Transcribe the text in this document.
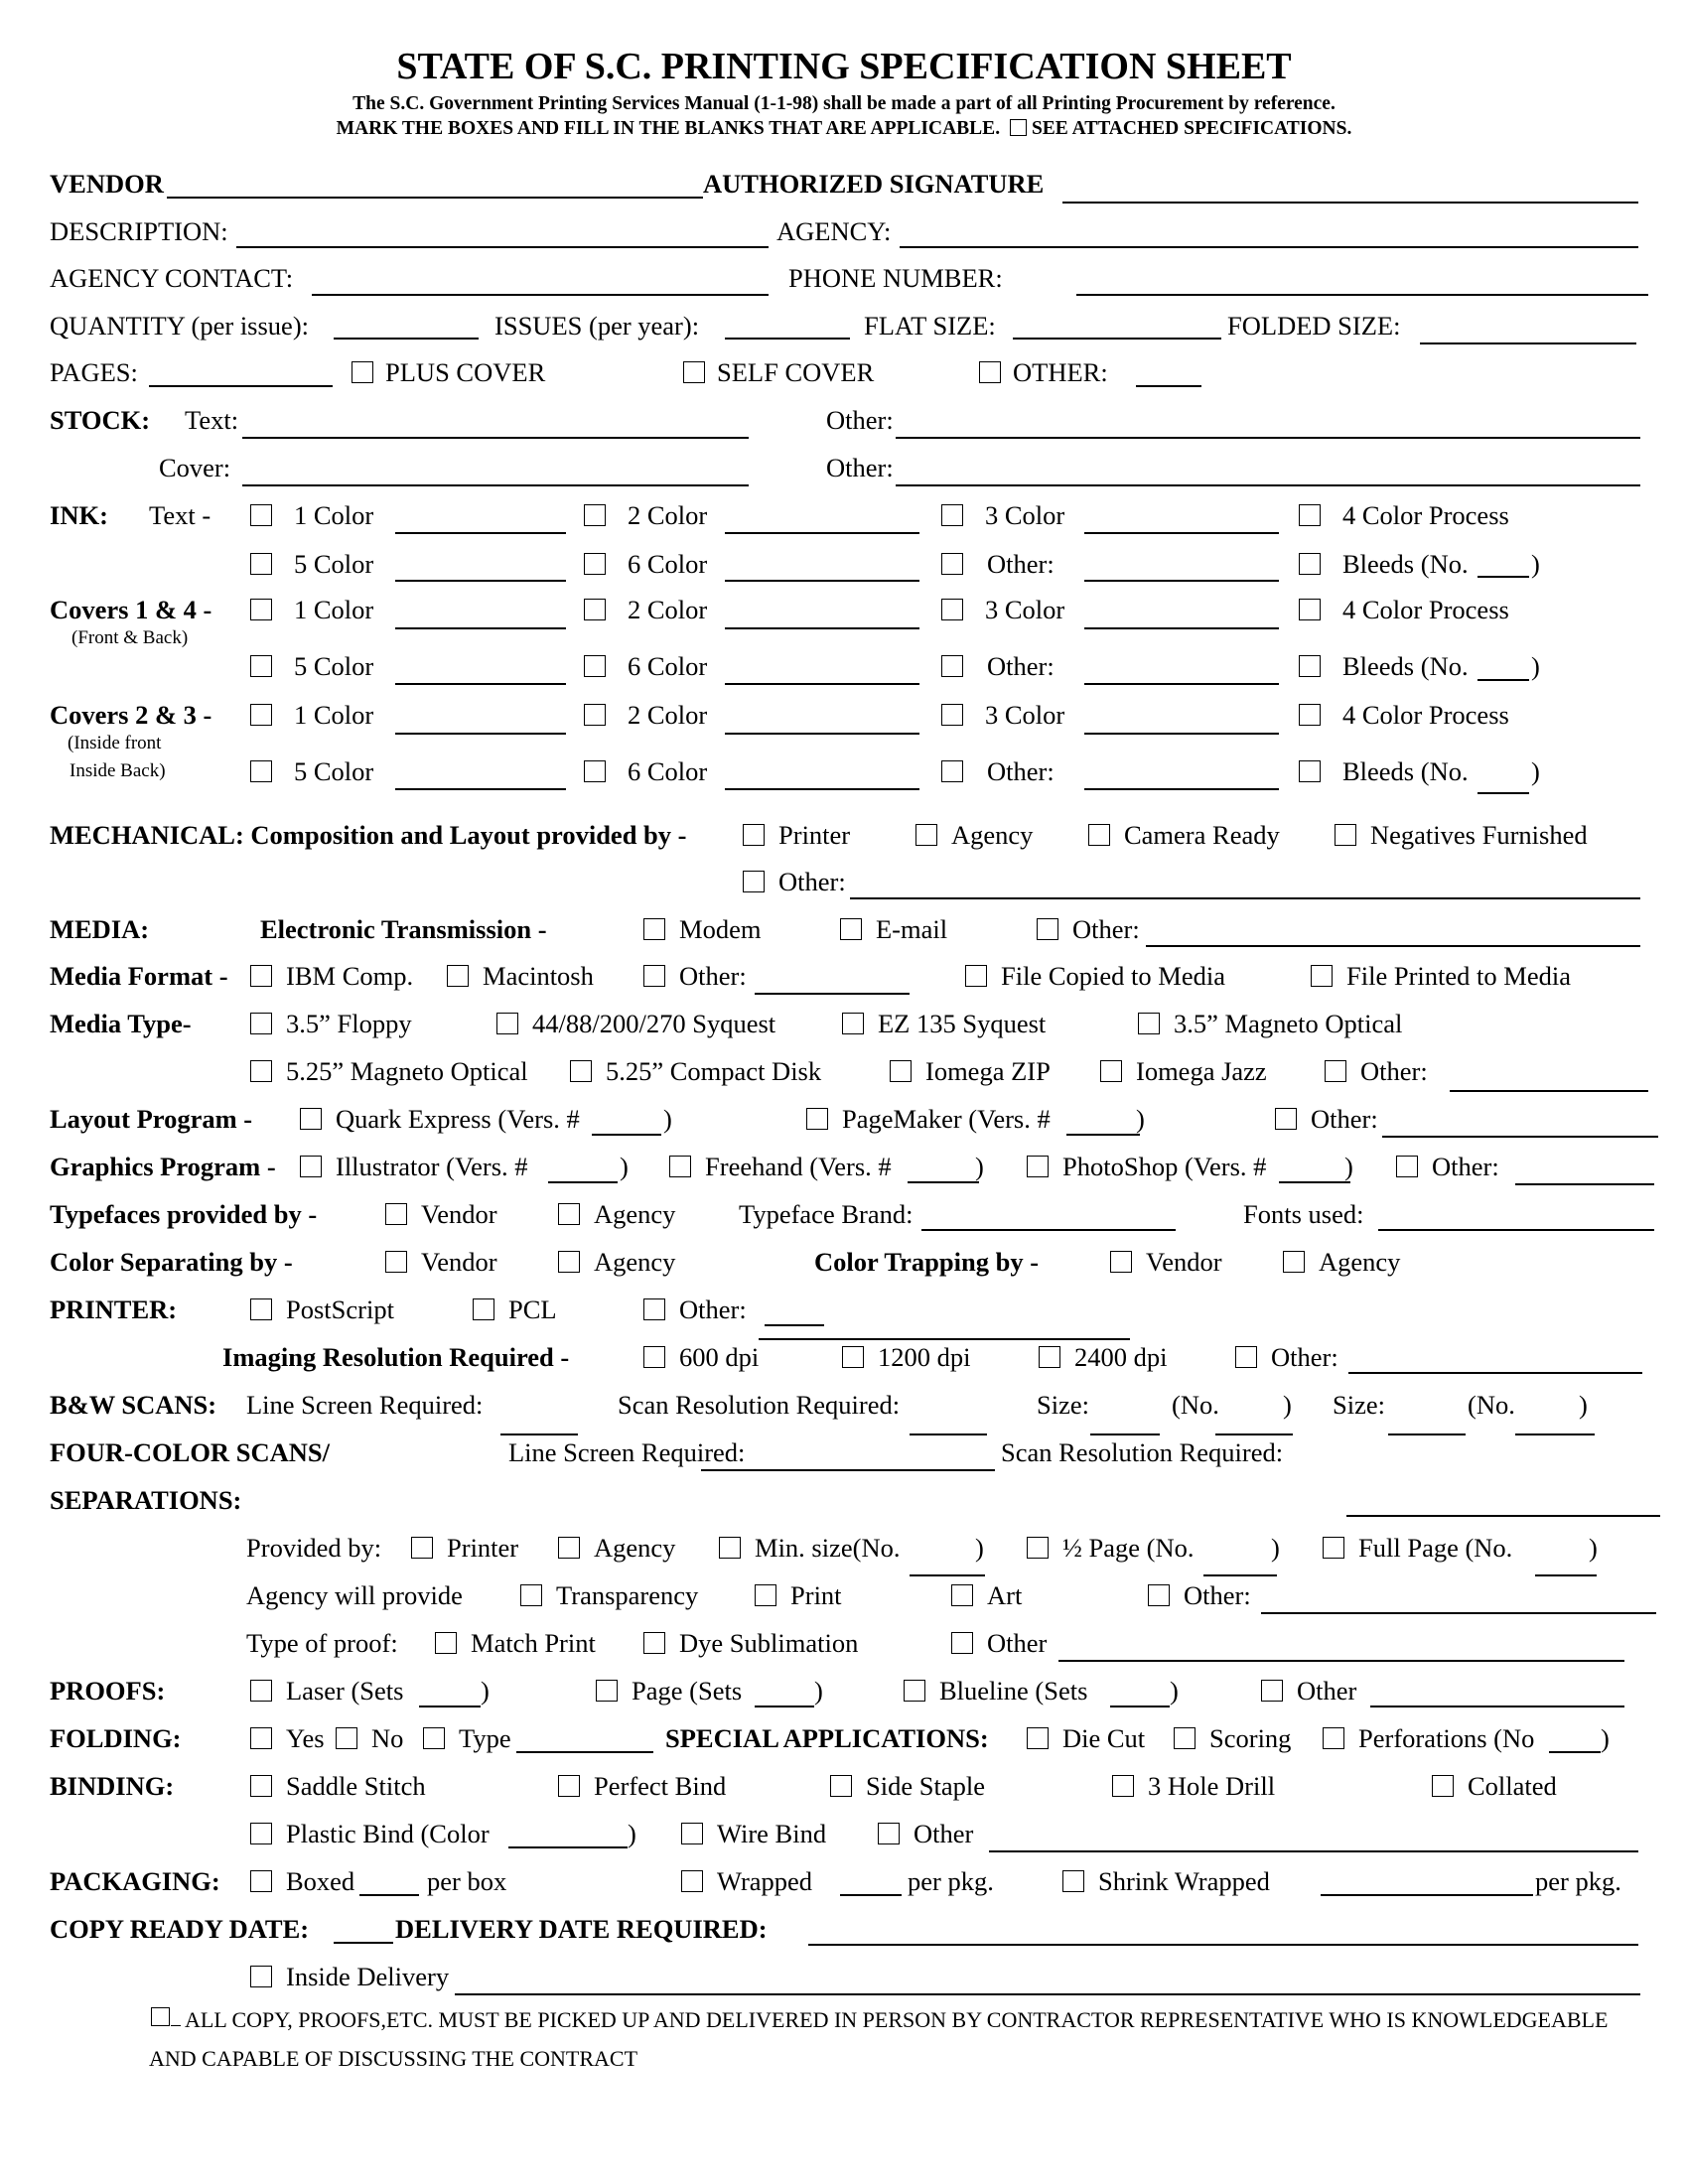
STATE OF S.C. PRINTING SPECIFICATION SHEET
The S.C. Government Printing Services Manual (1-1-98) shall be made a part of all Printing Procurement by reference.
MARK THE BOXES AND FILL IN THE BLANKS THAT ARE APPLICABLE. SEE ATTACHED SPECIFICATIONS.
VENDOR	AUTHORIZED SIGNATURE
DESCRIPTION:	AGENCY:
AGENCY CONTACT:	PHONE NUMBER:
QUANTITY (per issue):	ISSUES (per year):	FLAT SIZE:	FOLDED SIZE:
PAGES:	PLUS COVER	SELF COVER	OTHER:
STOCK: Text:	Other:
Cover:	Other:
INK: Text -	1 Color	2 Color	3 Color	4 Color Process
5 Color	6 Color	Other:	Bleeds (No. )
Covers 1 & 4 -
(Front & Back)
1 Color	2 Color	3 Color	4 Color Process
5 Color	6 Color	Other:	Bleeds (No. )
Covers 2 & 3 -
(Inside front
Inside Back)
1 Color	2 Color	3 Color	4 Color Process
5 Color	6 Color	Other:	Bleeds (No. )
MECHANICAL: Composition and Layout provided by -	Printer	Agency	Camera Ready	Negatives Furnished
Other:
MEDIA:	Electronic Transmission -	Modem	E-mail	Other:
Media Format - IBM Comp.	Macintosh	Other:	File Copied to Media	File Printed to Media
Media Type-	3.5” Floppy	44/88/200/270 Syquest	EZ 135 Syquest	3.5” Magneto Optical
5.25” Magneto Optical	5.25” Compact Disk	Iomega ZIP	Iomega Jazz	Other:
Layout Program -	Quark Express (Vers. #	)	PageMaker (Vers. #	)	Other:
Graphics Program - Illustrator (Vers. #	)	Freehand (Vers. #	)	PhotoShop (Vers. #	)	Other:
Typefaces provided by -	Vendor	Agency Typeface Brand:	Fonts used:
Color Separating by -	Vendor	Agency	Color Trapping by -	Vendor	Agency
PRINTER:	PostScript	PCL	Other:
Imaging Resolution Required -	600 dpi	1200 dpi	2400 dpi	Other:
B&W SCANS: Line Screen Required:	Scan Resolution Required:	Size:	(No. ) Size:	(No. )
FOUR-COLOR SCANS/	Line Screen Required:	Scan Resolution Required:
SEPARATIONS:
Provided by: Printer	Agency	Min. size(No.	)	½ Page (No.	)	Full Page (No.	)
Agency will provide	Transparency	Print	Art	Other:
Type of proof:	Match Print	Dye Sublimation	Other
PROOFS:	Laser (Sets	)	Page (Sets	)	Blueline (Sets	)	Other
FOLDING:	Yes No Type	SPECIAL APPLICATIONS:	Die Cut Scoring	Perforations (No	)
BINDING:	Saddle Stitch	Perfect Bind	Side Staple	3 Hole Drill	Collated
Plastic Bind (Color	)	Wire Bind	Other
PACKAGING:	Boxed	per box	Wrapped	per pkg.	Shrink Wrapped	per pkg.
COPY READY DATE:	DELIVERY DATE REQUIRED:
Inside Delivery
ALL COPY, PROOFS,ETC. MUST BE PICKED UP AND DELIVERED IN PERSON BY CONTRACTOR REPRESENTATIVE WHO IS KNOWLEDGEABLE
AND CAPABLE OF DISCUSSING THE CONTRACT
